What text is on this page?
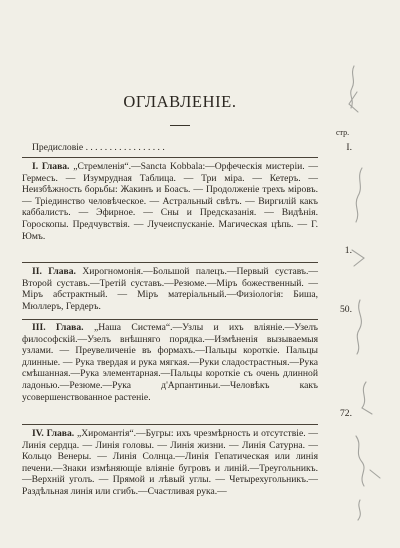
ОГЛАВЛЕНІЕ.
стр.
Предисловіе . . . . . . . . . . . . . . . . .	I.
I. Глава. „Стремленія“.—Sancta Kobbala:—Орфеческія мистеріи. — Гермесъ. — Изумрудная Таблица. — Три міра. — Кетеръ. — Неизбѣжность борьбы: Жакинъ и Боасъ. — Продолженіе трехъ міровъ. — Тріединство человѣческое. — Астральный свѣтъ. — Виргилій какъ каббалистъ. — Эфирное. — Сны и Предсказанія. — Видѣнія. Гороскопы. Предчувствія. — Лучеиспусканіе. Магическая цѣпь. — Г. Юмъ.
1.
II. Глава. Хирогномонія.—Большой палецъ.—Первый суставъ.—Второй суставъ.—Третій суставъ.—Резюме.—Міръ божественный. — Міръ абстрактный. — Міръ матеріальный.—Физіологія: Биша, Мюллеръ, Гердеръ.	50.
III. Глава. „Наша Система“.—Узлы и ихъ вліяніе.—Узелъ философскій.—Узелъ внѣшняго порядка.—Измѣненія вызываемыя узлами. — Преувеличеніе въ формахъ.—Пальцы короткіе. Пальцы длинные. — Рука твердая и рука мягкая.—Руки сладострастныя.—Рука смѣшанная.—Рука элементарная.—Пальцы короткіе съ очень длинной ладонью.—Резюме.—Рука д'Арпантиньи.—Человѣкъ какъ усовершенствованное растеніе.
72.
IV. Глава. „Хиромантія“.—Бугры: ихъ чрезмѣрность и отсутствіе. — Линія сердца. — Линія головы. — Линія жизни. — Линія Сатурна. — Кольцо Венеры. — Линія Солнца.—Линія Гепатическая или линія печени.—Знаки измѣняющіе вліяніе бугровъ и линій.—Треугольникъ.—Верхній уголъ. — Прямой и лѣвый углы. — Четырехугольникъ.—Раздѣльная линія или сгибъ.—Счастливая рука.—
